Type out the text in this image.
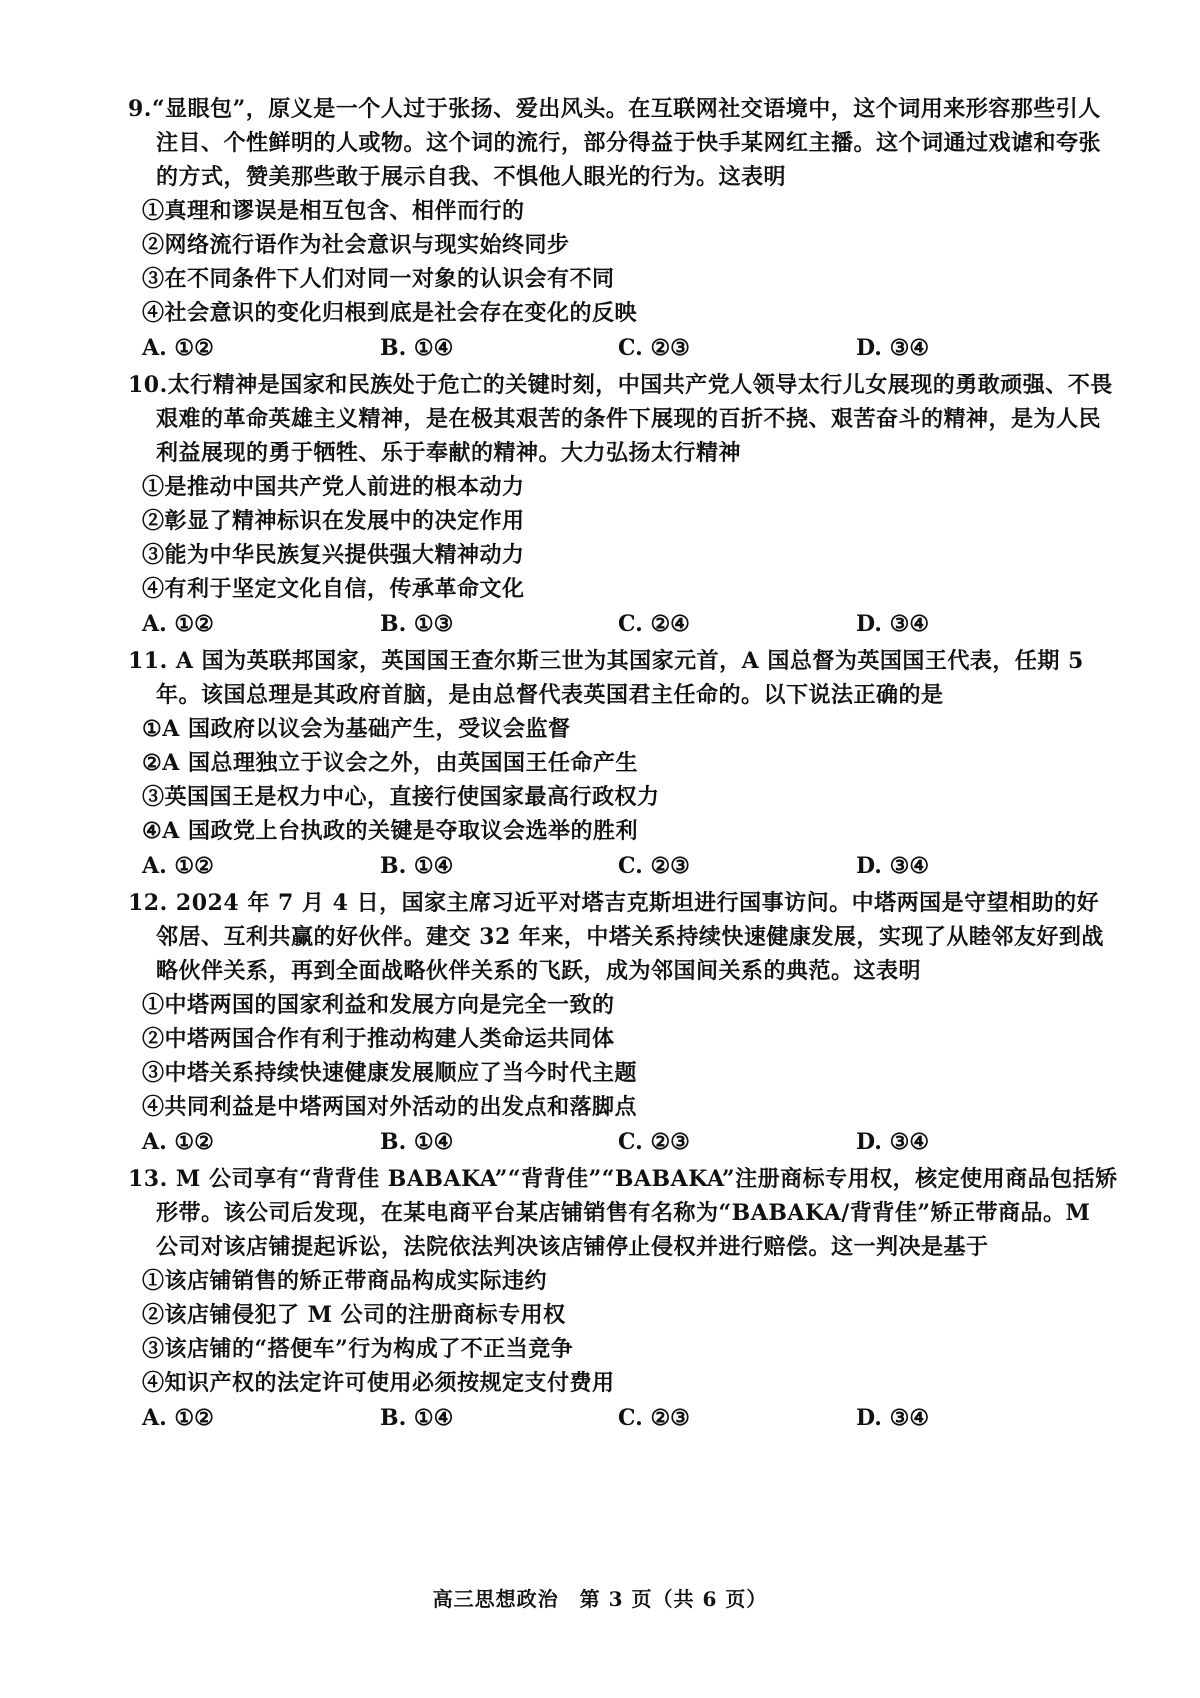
9.“显眼包”，原义是一个人过于张扬、爱出风头。在互联网社交语境中，这个词用来形容那些引人注目、个性鲜明的人或物。这个词的流行，部分得益于快手某网红主播。这个词通过戏谑和夸张的方式，赞美那些敢于展示自我、不惧他人眼光的行为。这表明
①真理和谬误是相互包含、相伴而行的
②网络流行语作为社会意识与现实始终同步
③在不同条件下人们对同一对象的认识会有不同
④社会意识的变化归根到底是社会存在变化的反映
A. ①②	B. ①④	C. ②③	D. ③④
10.太行精神是国家和民族处于危亡的关键时刻，中国共产党人领导太行儿女展现的勇敢顽强、不畏艰难的革命英雄主义精神，是在极其艰苦的条件下展现的百折不挠、艰苦奋斗的精神，是为人民利益展现的勇于牺牲、乐于奉献的精神。大力弘扬太行精神
①是推动中国共产党人前进的根本动力
②彰显了精神标识在发展中的决定作用
③能为中华民族复兴提供强大精神动力
④有利于坚定文化自信，传承革命文化
A. ①②	B. ①③	C. ②④	D. ③④
11. A 国为英联邦国家，英国国王查尔斯三世为其国家元首，A 国总督为英国国王代表，任期 5 年。该国总理是其政府首脑，是由总督代表英国君主任命的。以下说法正确的是
①A 国政府以议会为基础产生，受议会监督
②A 国总理独立于议会之外，由英国国王任命产生
③英国国王是权力中心，直接行使国家最高行政权力
④A 国政党上台执政的关键是夺取议会选举的胜利
A. ①②	B. ①④	C. ②③	D. ③④
12. 2024 年 7 月 4 日，国家主席习近平对塔吉克斯坦进行国事访问。中塔两国是守望相助的好邻居、互利共赢的好伙伴。建交 32 年来，中塔关系持续快速健康发展，实现了从睦邻友好到战略伙伴关系，再到全面战略伙伴关系的飞跃，成为邻国间关系的典范。这表明
①中塔两国的国家利益和发展方向是完全一致的
②中塔两国合作有利于推动构建人类命运共同体
③中塔关系持续快速健康发展顺应了当今时代主题
④共同利益是中塔两国对外活动的出发点和落脚点
A. ①②	B. ①④	C. ②③	D. ③④
13. M 公司享有“背背佳 BABAKA”“背背佳”“BABAKA”注册商标专用权，核定使用商品包括矫形带。该公司后发现，在某电商平台某店铺销售有名称为“BABAKA/背背佳”矫正带商品。M 公司对该店铺提起诉讼，法院依法判决该店铺停止侵权并进行赔偿。这一判决是基于
①该店铺销售的矫正带商品构成实际违约
②该店铺侵犯了 M 公司的注册商标专用权
③该店铺的“搭便车”行为构成了不正当竞争
④知识产权的法定许可使用必须按规定支付费用
A. ①②	B. ①④	C. ②③	D. ③④
高三思想政治　第 3 页（共 6 页）
